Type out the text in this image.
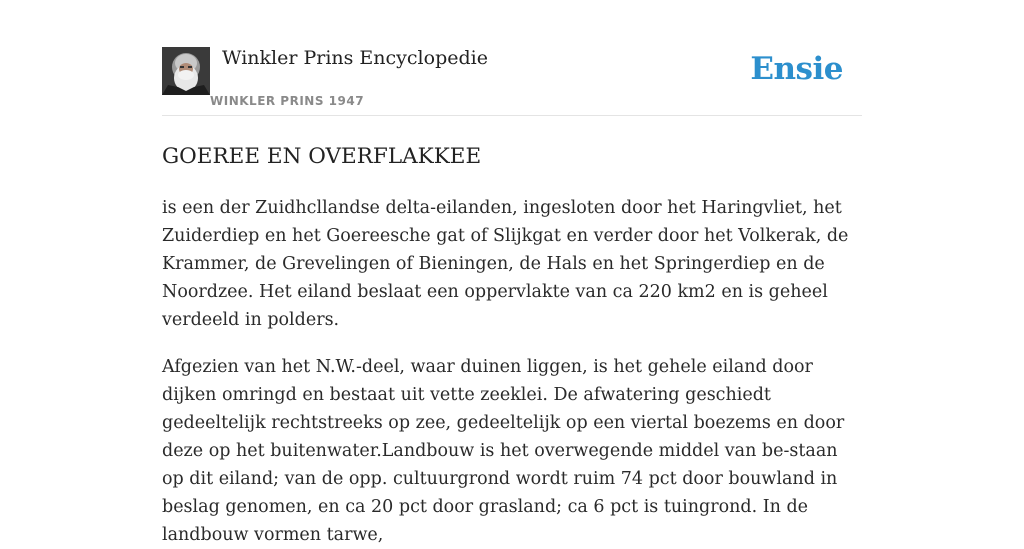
Winkler Prins Encyclopedie
WINKLER PRINS 1947
Ensie
GOEREE EN OVERFLAKKEE

is een der Zuidhcllandse delta-eilanden, ingesloten door het Haringvliet, het Zuiderdiep en het Goereesche gat of Slijkgat en verder door het Volkerak, de Krammer, de Grevelingen of Bieningen, de Hals en het Springerdiep en de Noordzee. Het eiland beslaat een oppervlakte van ca 220 km2 en is geheel verdeeld in polders.

Afgezien van het N.W.-deel, waar duinen liggen, is het gehele eiland door dijken omringd en bestaat uit vette zeeklei. De afwatering geschiedt gedeeltelijk rechtstreeks op zee, gedeeltelijk op een viertal boezems en door deze op het buitenwater.Landbouw is het overwegende middel van be-staan op dit eiland; van de opp. cultuurgrond wordt ruim 74 pct door bouwland in beslag genomen, en ca 20 pct door grasland; ca 6 pct is tuingrond. In de landbouw vormen tarwe,
